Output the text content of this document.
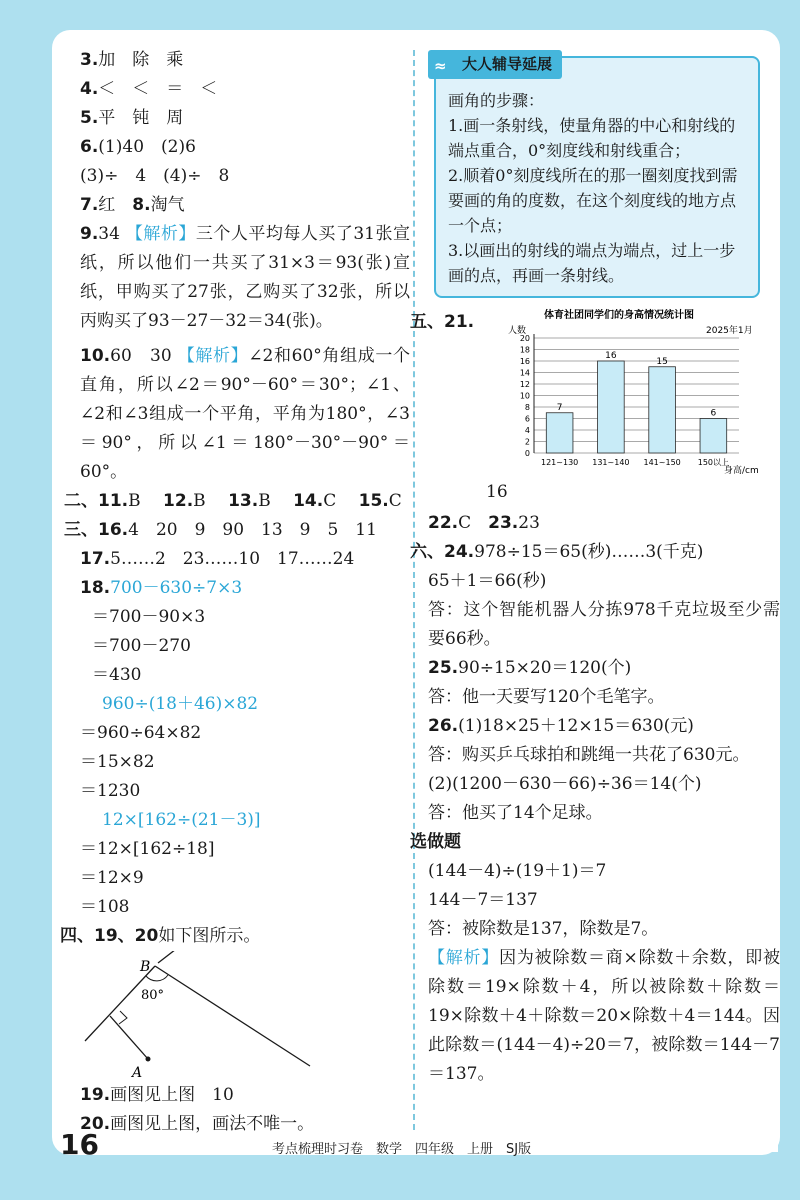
3.加　除　乘
4.＜　＜　＝　＜
5.平　钝　周
6.(1)40　(2)6
(3)÷　4　(4)÷　8
7.红　 8.淘气
9.34 【解析】三个人平均每人买了31张宣纸，所以他们一共买了31×3＝93(张)宣纸，甲购买了27张，乙购买了32张，所以丙购买了93－27－32＝34(张)。
10.60　30 【解析】∠2和60°角组成一个直角，所以∠2＝90°－60°＝30°；∠1、∠2和∠3组成一个平角，平角为180°，∠3＝90°，所以∠1＝180°－30°－90°＝60°。
二、11.B　 12.B　 13.B　 14.C　 15.C
三、16.4　20　9　90　13　9　5　11
17.5……2　23……10　17……24
18.700－630÷7×3
＝700－90×3
＝700－270
＝430
960÷(18＋46)×82
＝960÷64×82
＝15×82
＝1230
12×[162÷(21－3)]
＝12×[162÷18]
＝12×9
＝108
四、19、20如下图所示。
B
A
80°
19.画图见上图　10
20.画图见上图，画法不唯一。
≈ 大人辅导延展
画角的步骤：
1.画一条射线，使量角器的中心和射线的端点重合，0°刻度线和射线重合；
2.顺着0°刻度线所在的那一圈刻度找到需要画的角的度数，在这个刻度线的地方点一个点；
3.以画出的射线的端点为端点，过上一步画的点，再画一条射线。
五、 21.	体育社团同学们的身高情况统计图
人数	2025年1月
身高/cm
0
2
4
6
8
10
12
14
16
18
20
7
121~130
16
131~140
15
141~150
6
150以上
16
22.C　 23.23
六、24.978÷15＝65(秒)……3(千克)
65＋1＝66(秒)
答：这个智能机器人分拣978千克垃圾至少需要66秒。
25.90÷15×20＝120(个)
答：他一天要写120个毛笔字。
26.(1)18×25＋12×15＝630(元)
答：购买乒乓球拍和跳绳一共花了630元。
(2)(1200－630－66)÷36＝14(个)
答：他买了14个足球。
选做题
(144－4)÷(19＋1)＝7
144－7＝137
答：被除数是137，除数是7。
【解析】因为被除数＝商×除数＋余数，即被除数＝19×除数＋4，所以被除数＋除数＝19×除数＋4＋除数＝20×除数＋4＝144。因此除数＝(144－4)÷20＝7，被除数＝144－7＝137。
16	考点梳理时习卷　数学　四年级　上册　SJ版
